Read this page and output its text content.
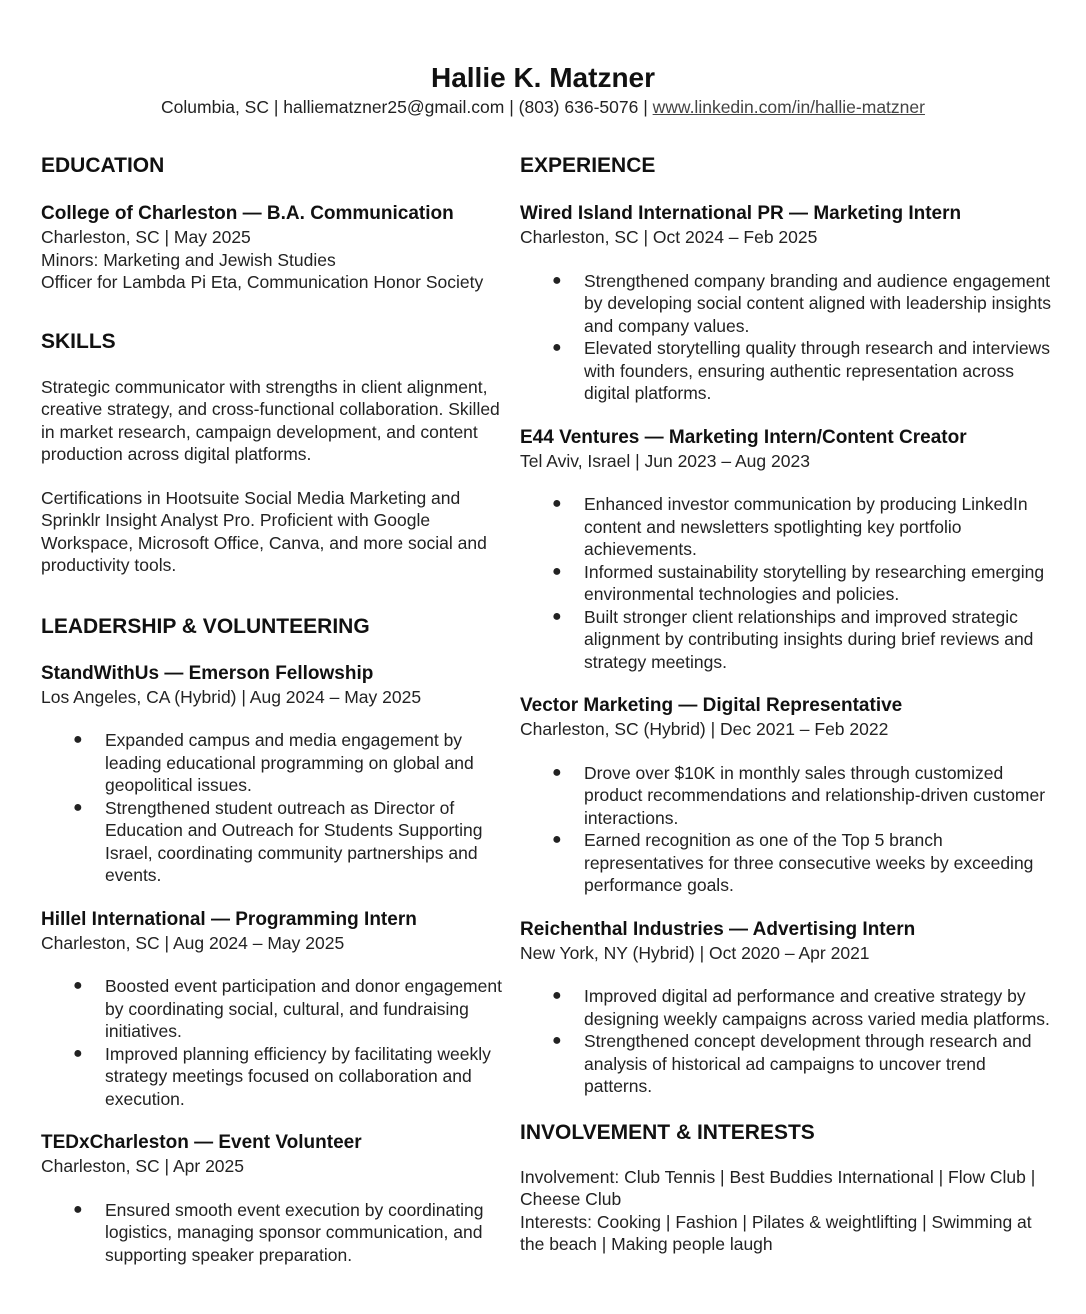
Hallie K. Matzner
Columbia, SC | halliematzner25@gmail.com | (803) 636-5076 | www.linkedin.com/in/hallie-matzner
EDUCATION
College of Charleston — B.A. Communication
Charleston, SC | May 2025
Minors: Marketing and Jewish Studies
Officer for Lambda Pi Eta, Communication Honor Society
SKILLS
Strategic communicator with strengths in client alignment, creative strategy, and cross-functional collaboration. Skilled in market research, campaign development, and content production across digital platforms.
Certifications in Hootsuite Social Media Marketing and Sprinklr Insight Analyst Pro. Proficient with Google Workspace, Microsoft Office, Canva, and more social and productivity tools.
LEADERSHIP & VOLUNTEERING
StandWithUs — Emerson Fellowship
Los Angeles, CA (Hybrid) | Aug 2024 – May 2025
● Expanded campus and media engagement by leading educational programming on global and geopolitical issues.
● Strengthened student outreach as Director of Education and Outreach for Students Supporting Israel, coordinating community partnerships and events.
Hillel International — Programming Intern
Charleston, SC | Aug 2024 – May 2025
● Boosted event participation and donor engagement by coordinating social, cultural, and fundraising initiatives.
● Improved planning efficiency by facilitating weekly strategy meetings focused on collaboration and execution.
TEDxCharleston — Event Volunteer
Charleston, SC | Apr 2025
● Ensured smooth event execution by coordinating logistics, managing sponsor communication, and supporting speaker preparation.
EXPERIENCE
Wired Island International PR — Marketing Intern
Charleston, SC | Oct 2024 – Feb 2025
● Strengthened company branding and audience engagement by developing social content aligned with leadership insights and company values.
● Elevated storytelling quality through research and interviews with founders, ensuring authentic representation across digital platforms.
E44 Ventures — Marketing Intern/Content Creator
Tel Aviv, Israel | Jun 2023 – Aug 2023
● Enhanced investor communication by producing LinkedIn content and newsletters spotlighting key portfolio achievements.
● Informed sustainability storytelling by researching emerging environmental technologies and policies.
● Built stronger client relationships and improved strategic alignment by contributing insights during brief reviews and strategy meetings.
Vector Marketing — Digital Representative
Charleston, SC (Hybrid) | Dec 2021 – Feb 2022
● Drove over $10K in monthly sales through customized product recommendations and relationship-driven customer interactions.
● Earned recognition as one of the Top 5 branch representatives for three consecutive weeks by exceeding performance goals.
Reichenthal Industries — Advertising Intern
New York, NY (Hybrid) | Oct 2020 – Apr 2021
● Improved digital ad performance and creative strategy by designing weekly campaigns across varied media platforms.
● Strengthened concept development through research and analysis of historical ad campaigns to uncover trend patterns.
INVOLVEMENT & INTERESTS
Involvement: Club Tennis | Best Buddies International | Flow Club | Cheese Club
Interests: Cooking | Fashion | Pilates & weightlifting | Swimming at the beach | Making people laugh
